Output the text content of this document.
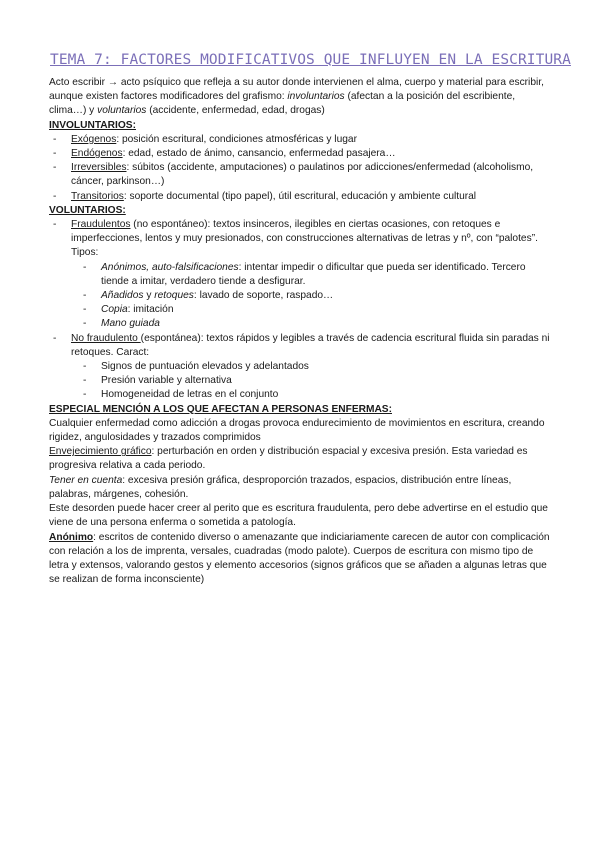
TEMA 7: FACTORES MODIFICATIVOS QUE INFLUYEN EN LA ESCRITURA

Acto escribir → acto psíquico que refleja a su autor donde intervienen el alma, cuerpo y material para escribir, aunque existen factores modificadores del grafismo: involuntarios (afectan a la posición del escribiente, clima…) y voluntarios (accidente, enfermedad, edad, drogas)

INVOLUNTARIOS:

- Exógenos: posición escritural, condiciones atmosféricas y lugar
- Endógenos: edad, estado de ánimo, cansancio, enfermedad pasajera…
- Irreversibles: súbitos (accidente, amputaciones) o paulatinos por adicciones/enfermedad (alcoholismo, cáncer, parkinson…)
- Transitorios: soporte documental (tipo papel), útil escritural, educación y ambiente cultural

VOLUNTARIOS:

- Fraudulentos (no espontáneo): textos insinceros, ilegibles en ciertas ocasiones, con retoques e imperfecciones, lentos y muy presionados, con construcciones alternativas de letras y nº, con “palotes”. Tipos:
- Anónimos, auto-falsificaciones: intentar impedir o dificultar que pueda ser identificado. Tercero tiende a imitar, verdadero tiende a desfigurar.
- Añadidos y retoques: lavado de soporte, raspado…
- Copia: imitación
- Mano guiada
- No fraudulento (espontánea): textos rápidos y legibles a través de cadencia escritural fluida sin paradas ni retoques. Caract:
- Signos de puntuación elevados y adelantados
- Presión variable y alternativa
- Homogeneidad de letras en el conjunto

ESPECIAL MENCIÓN A LOS QUE AFECTAN A PERSONAS ENFERMAS:

Cualquier enfermedad como adicción a drogas provoca endurecimiento de movimientos en escritura, creando rigidez, angulosidades y trazados comprimidos

Envejecimiento gráfico: perturbación en orden y distribución espacial y excesiva presión. Esta variedad es progresiva relativa a cada periodo.

Tener en cuenta: excesiva presión gráfica, desproporción trazados, espacios, distribución entre líneas, palabras, márgenes, cohesión.

Este desorden puede hacer creer al perito que es escritura fraudulenta, pero debe advertirse en el estudio que viene de una persona enferma o sometida a patología.

Anónimo: escritos de contenido diverso o amenazante que indiciariamente carecen de autor con complicación con relación a los de imprenta, versales, cuadradas (modo palote). Cuerpos de escritura con mismo tipo de letra y extensos, valorando gestos y elemento accesorios (signos gráficos que se añaden a algunas letras que se realizan de forma inconsciente)
